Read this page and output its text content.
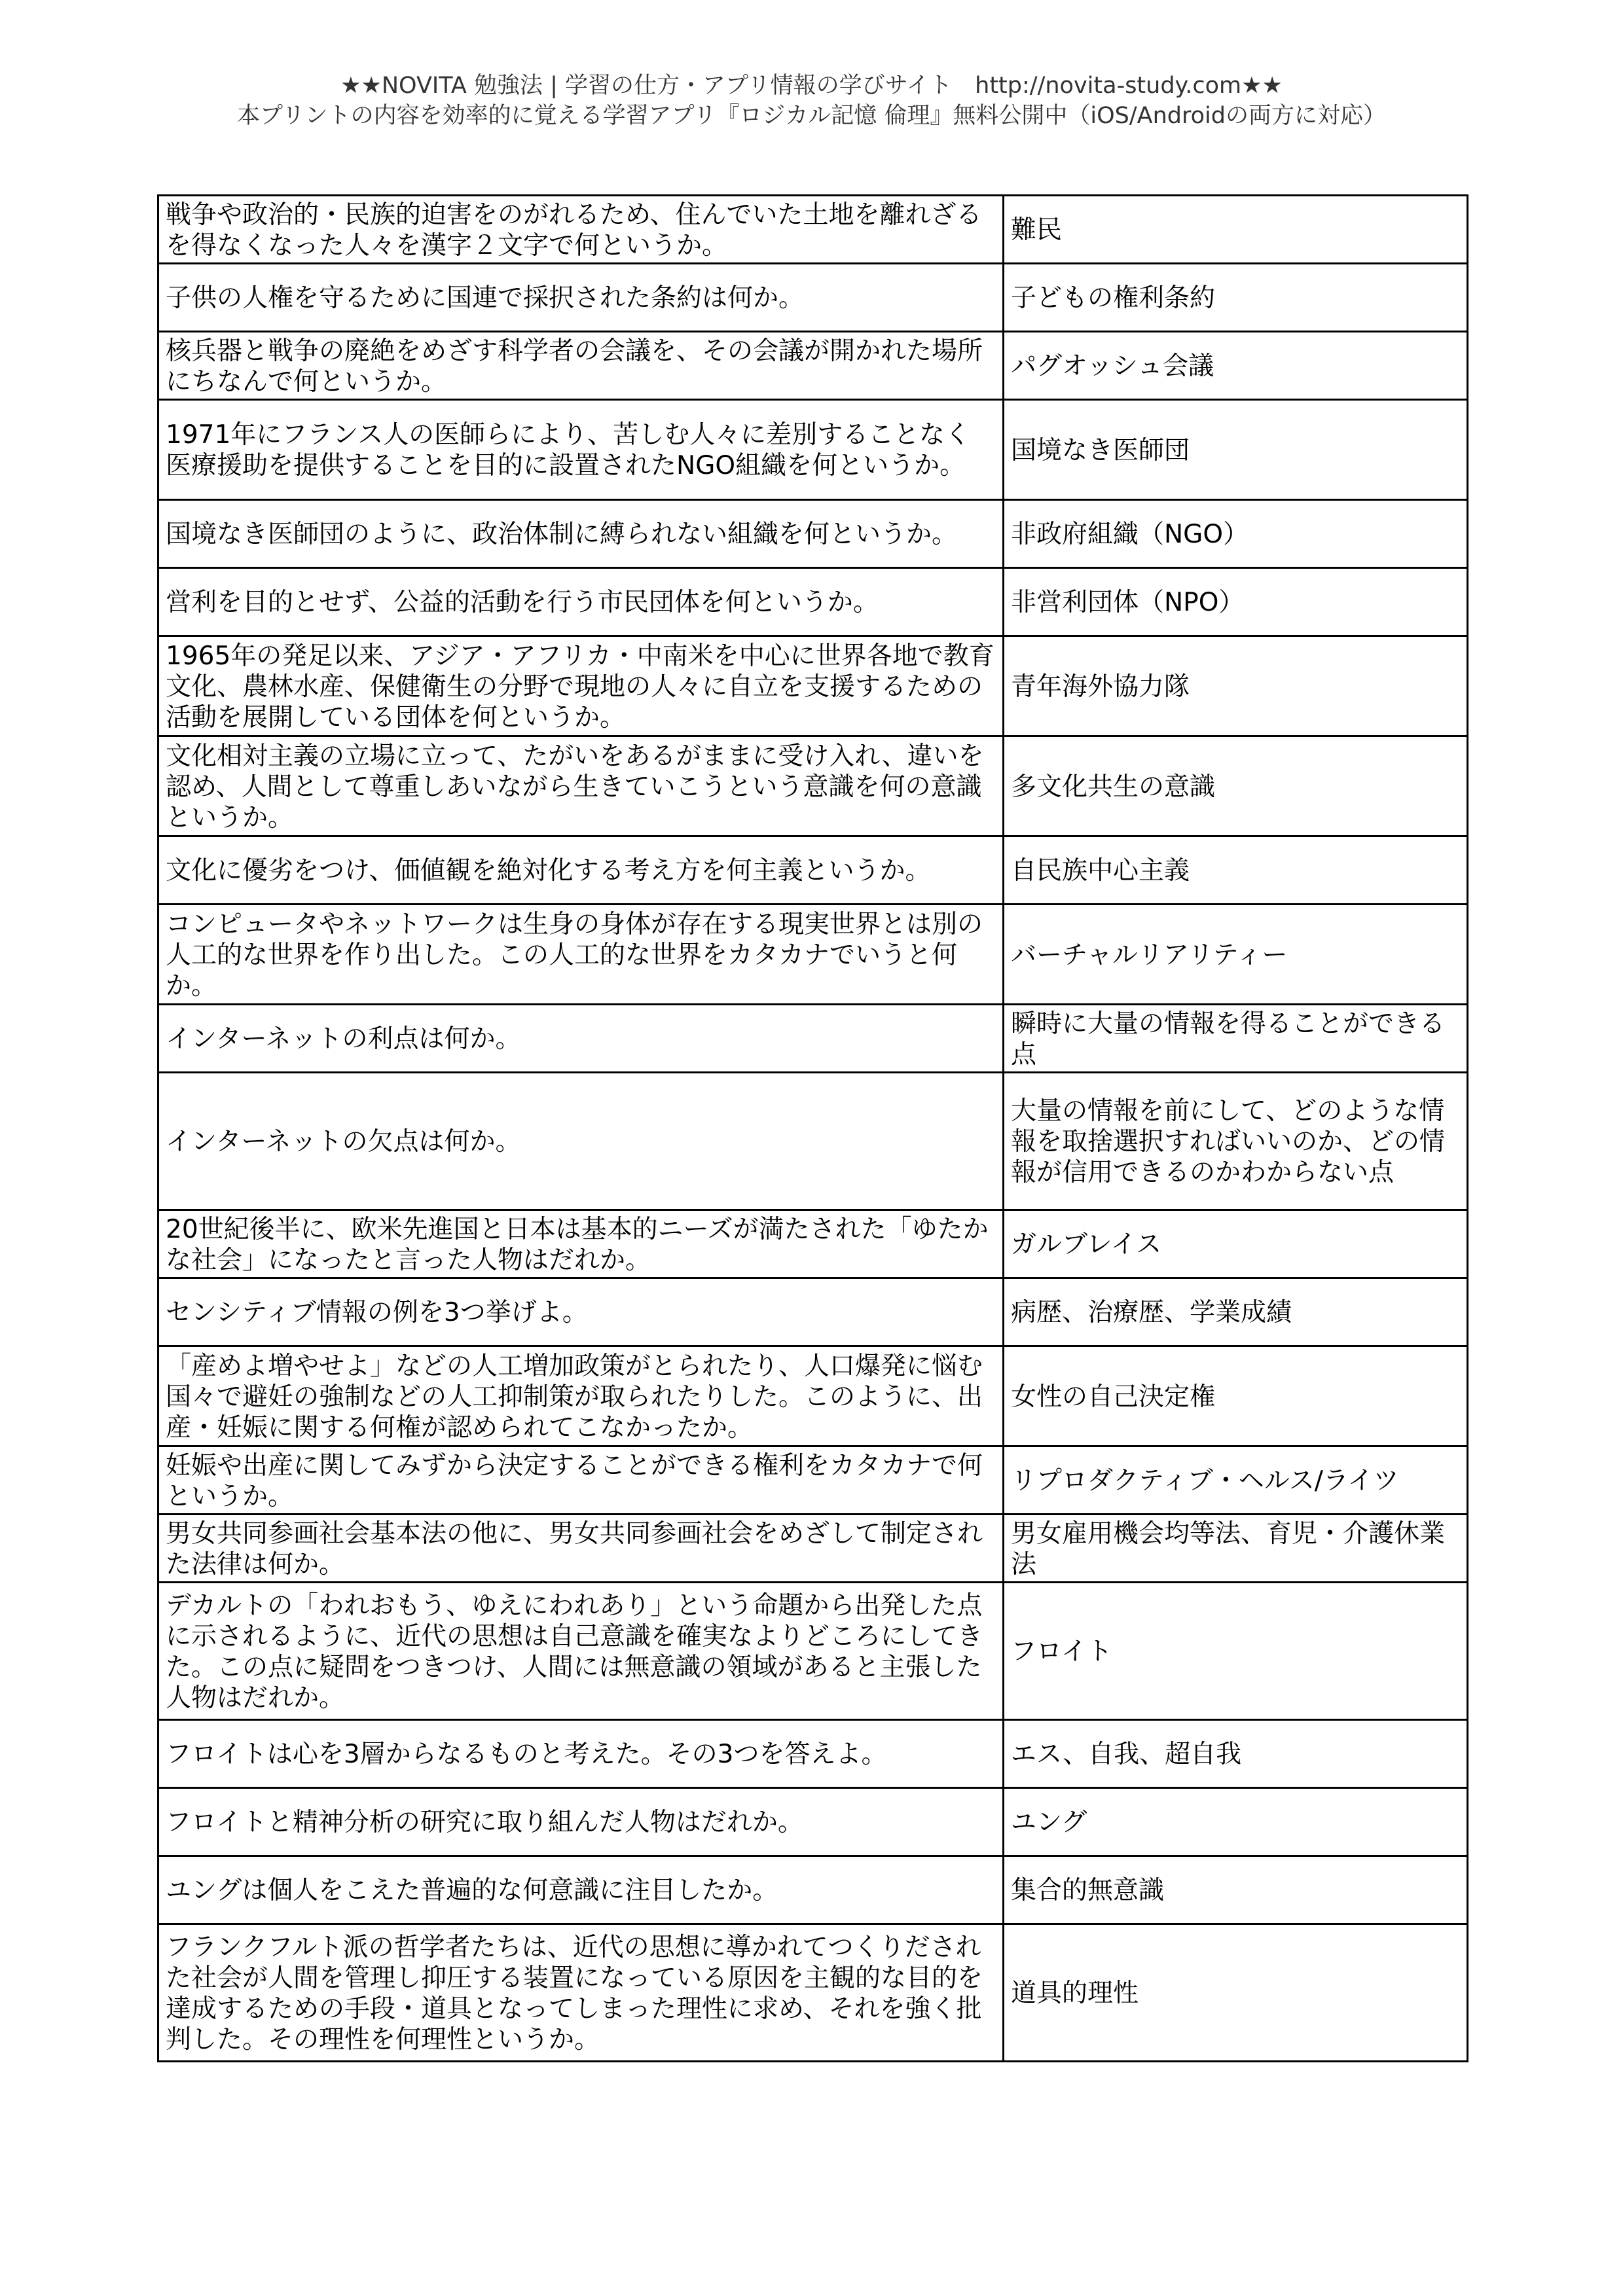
★★NOVITA 勉強法 | 学習の仕方・アプリ情報の学びサイト　http://novita-study.com★★
本プリントの内容を効率的に覚える学習アプリ『ロジカル記憶 倫理』無料公開中（iOS/Androidの両方に対応）
戦争や政治的・民族的迫害をのがれるため、住んでいた土地を離れざるを得なくなった人々を漢字２文字で何というか。	難民
子供の人権を守るために国連で採択された条約は何か。	子どもの権利条約
核兵器と戦争の廃絶をめざす科学者の会議を、その会議が開かれた場所にちなんで何というか。	パグオッシュ会議
1971年にフランス人の医師らにより、苦しむ人々に差別することなく医療援助を提供することを目的に設置されたNGO組織を何というか。	国境なき医師団
国境なき医師団のように、政治体制に縛られない組織を何というか。	非政府組織（NGO）
営利を目的とせず、公益的活動を行う市民団体を何というか。	非営利団体（NPO）
1965年の発足以来、アジア・アフリカ・中南米を中心に世界各地で教育文化、農林水産、保健衛生の分野で現地の人々に自立を支援するための活動を展開している団体を何というか。	青年海外協力隊
文化相対主義の立場に立って、たがいをあるがままに受け入れ、違いを認め、人間として尊重しあいながら生きていこうという意識を何の意識というか。	多文化共生の意識
文化に優劣をつけ、価値観を絶対化する考え方を何主義というか。	自民族中心主義
コンピュータやネットワークは生身の身体が存在する現実世界とは別の人工的な世界を作り出した。この人工的な世界をカタカナでいうと何か。	バーチャルリアリティー
インターネットの利点は何か。	瞬時に大量の情報を得ることができる点
インターネットの欠点は何か。	大量の情報を前にして、どのような情報を取捨選択すればいいのか、どの情報が信用できるのかわからない点
20世紀後半に、欧米先進国と日本は基本的ニーズが満たされた「ゆたかな社会」になったと言った人物はだれか。	ガルブレイス
センシティブ情報の例を3つ挙げよ。	病歴、治療歴、学業成績
「産めよ増やせよ」などの人工増加政策がとられたり、人口爆発に悩む国々で避妊の強制などの人工抑制策が取られたりした。このように、出産・妊娠に関する何権が認められてこなかったか。	女性の自己決定権
妊娠や出産に関してみずから決定することができる権利をカタカナで何というか。	リプロダクティブ・ヘルス/ライツ
男女共同参画社会基本法の他に、男女共同参画社会をめざして制定された法律は何か。	男女雇用機会均等法、育児・介護休業法
デカルトの「われおもう、ゆえにわれあり」という命題から出発した点に示されるように、近代の思想は自己意識を確実なよりどころにしてきた。この点に疑問をつきつけ、人間には無意識の領域があると主張した人物はだれか。	フロイト
フロイトは心を3層からなるものと考えた。その3つを答えよ。	エス、自我、超自我
フロイトと精神分析の研究に取り組んだ人物はだれか。	ユング
ユングは個人をこえた普遍的な何意識に注目したか。	集合的無意識
フランクフルト派の哲学者たちは、近代の思想に導かれてつくりだされた社会が人間を管理し抑圧する装置になっている原因を主観的な目的を達成するための手段・道具となってしまった理性に求め、それを強く批判した。その理性を何理性というか。	道具的理性
